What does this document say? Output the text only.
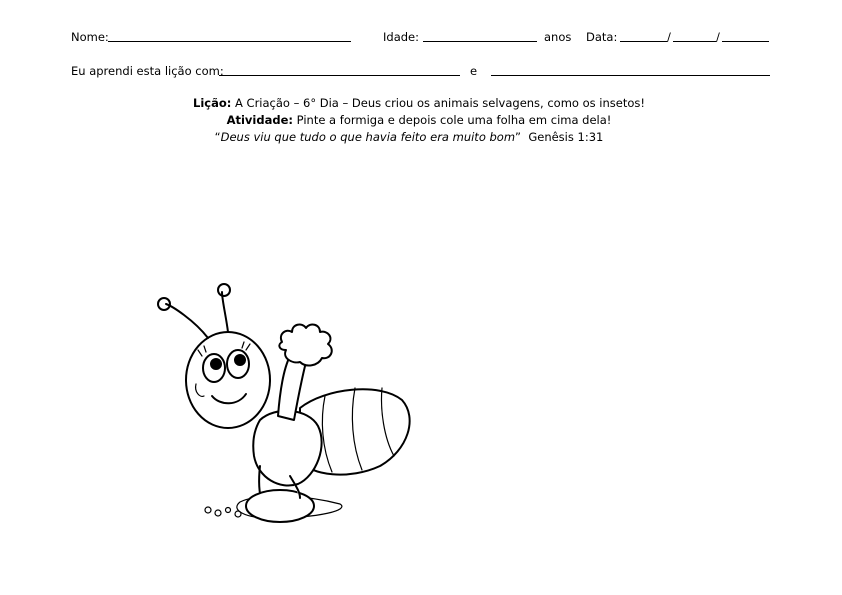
Nome:	Idade:	anos Data:	/	/
Eu aprendi esta lição com:	e
Lição: A Criação – 6° Dia – Deus criou os animais selvagens, como os insetos!
Atividade: Pinte a formiga e depois cole uma folha em cima dela!
“Deus viu que tudo o que havia feito era muito bom” Genêsis 1:31
